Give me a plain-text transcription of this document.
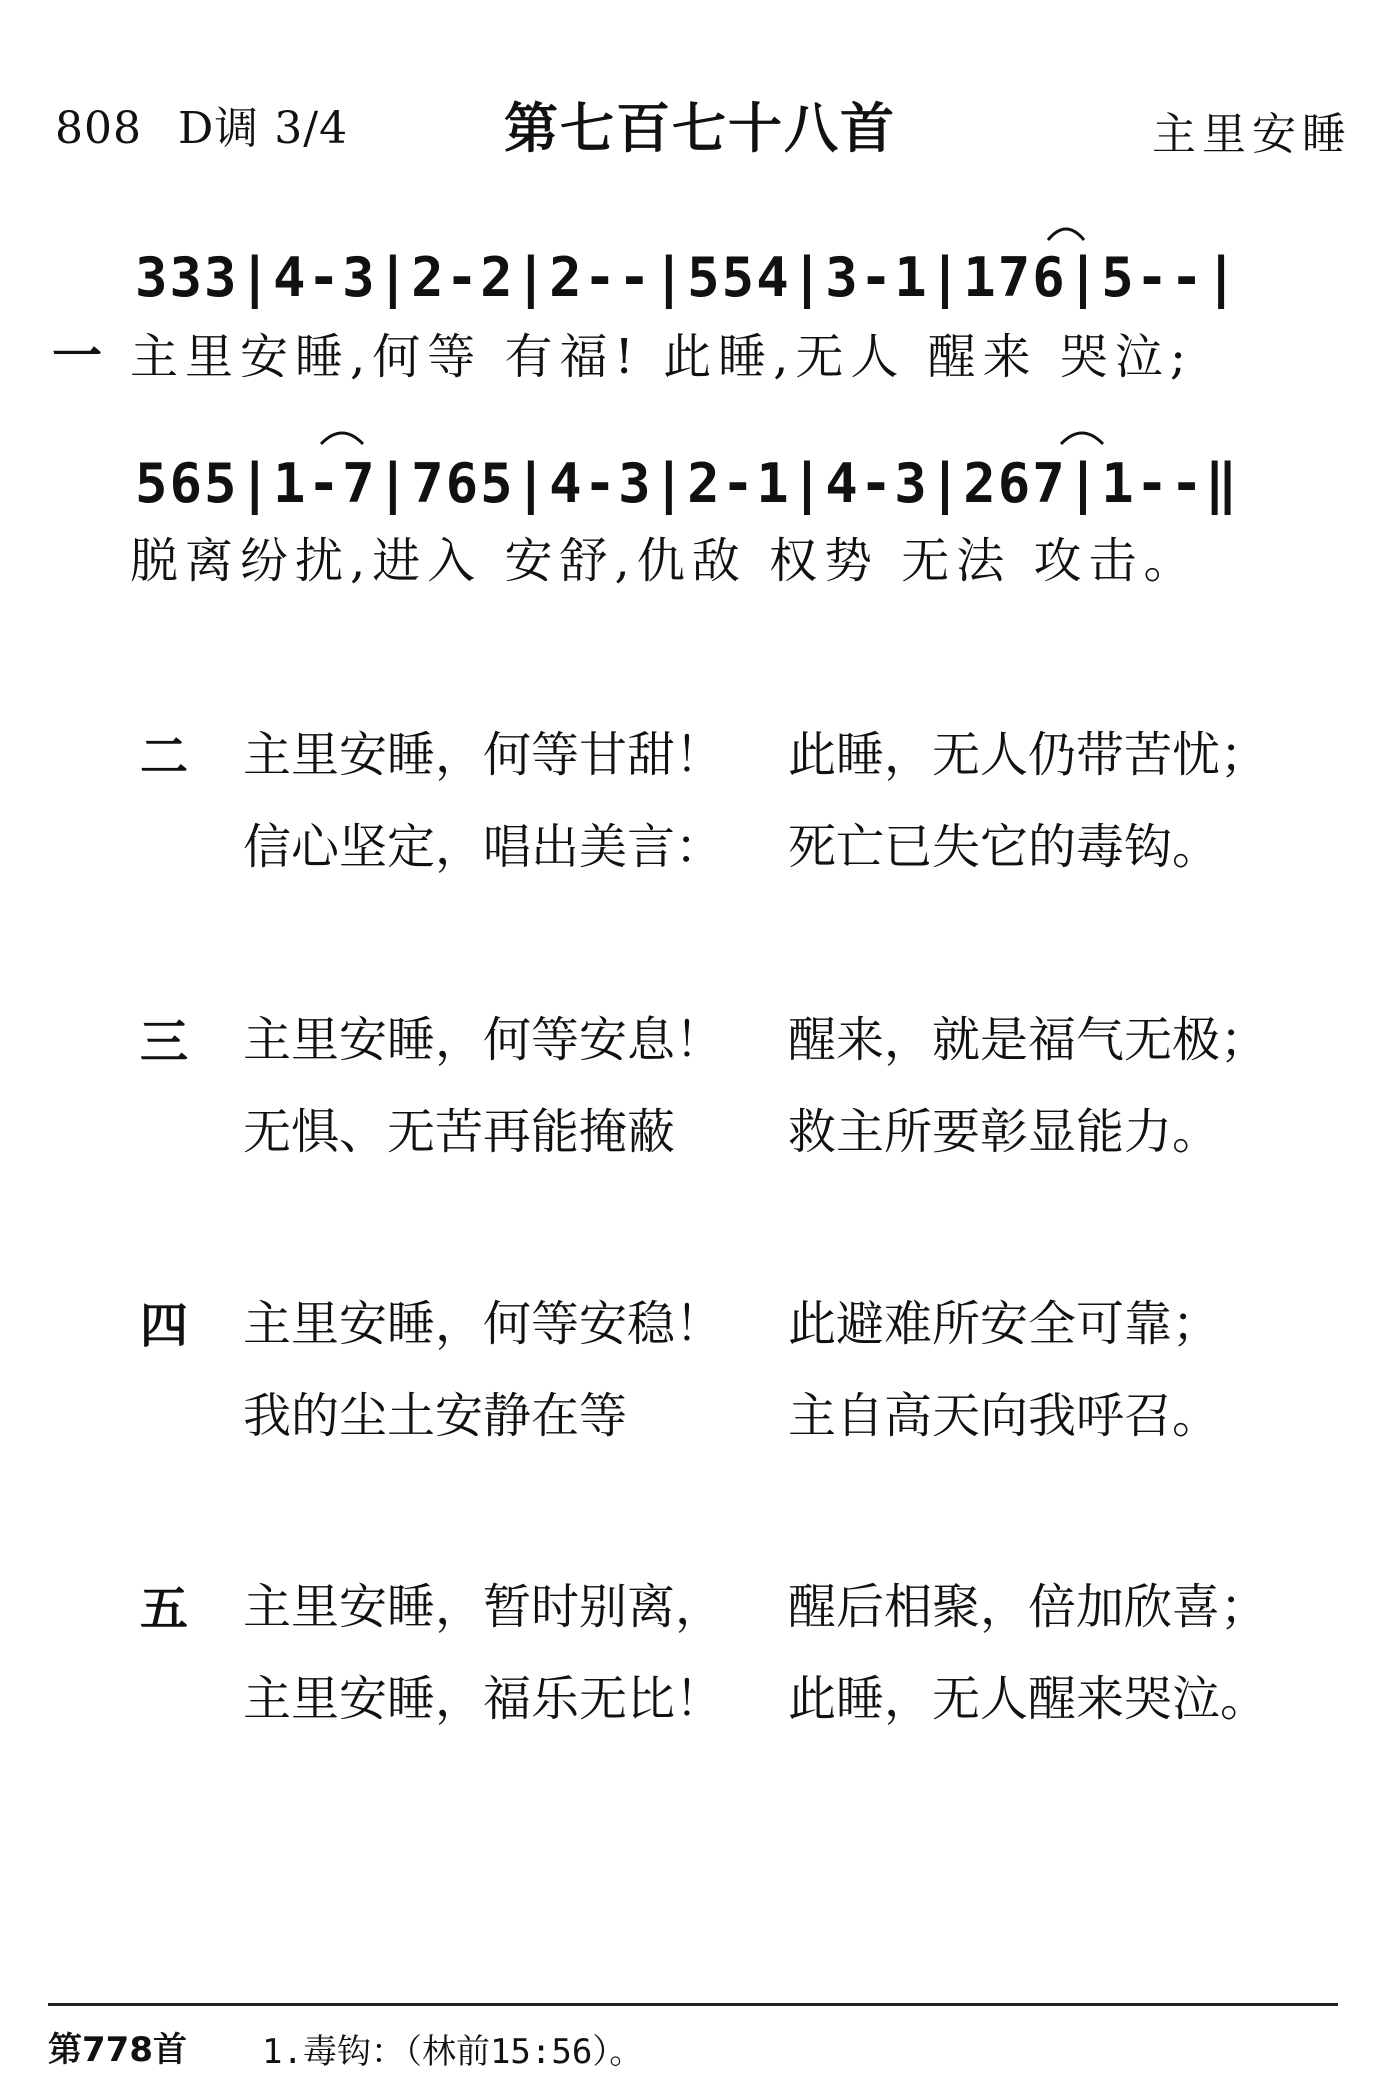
808 D调 3/4	第七百七十八首	主里安睡
333|4-3|2-2|2--|554|3-1|176|5--|
一 主里安睡,何等 有福! 此睡,无人 醒来 哭泣;
565|1-7|765|4-3|2-1|4-3|267|1--‖
脱离纷扰,进入 安舒,仇敌 权势 无法 攻击。
二 主里安睡，何等甘甜！ 此睡，无人仍带苦忧；
信心坚定，唱出美言： 死亡已失它的毒钩。
三 主里安睡，何等安息！ 醒来，就是福气无极；
无惧、无苦再能掩蔽 救主所要彰显能力。
四 主里安睡，何等安稳！ 此避难所安全可靠；
我的尘土安静在等	主自高天向我呼召。
五 主里安睡，暂时别离， 醒后相聚，倍加欣喜；
主里安睡，福乐无比！ 此睡，无人醒来哭泣。
第778首 1.毒钩：（林前15:56）。
